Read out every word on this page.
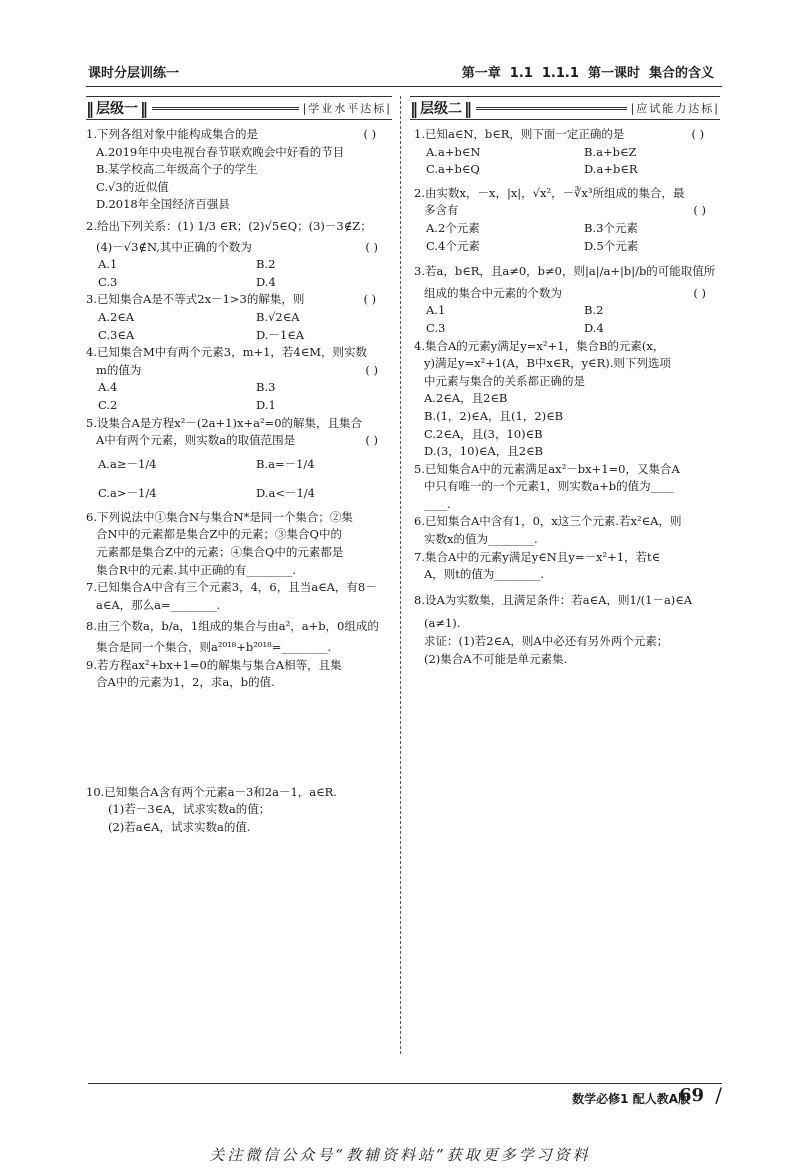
课时分层训练一	第一章  1.1  1.1.1  第一课时  集合的含义
‖ 层级一 ‖	|学业水平达标| ‖ 层级二 ‖	|应试能力达标|

1.下列各组对象中能构成集合的是	( )

A.2019年中央电视台春节联欢晚会中好看的节目

B.某学校高二年级高个子的学生

C.√3的近似值

D.2018年全国经济百强县

2.给出下列关系：(1) 1/3 ∈R；(2)√5∈Q；(3)－3∉Z；

(4)－√3∉N,其中正确的个数为	( )

A.1	B.2
C.3	D.4

3.已知集合A是不等式2x－1>3的解集，则	( )

A.2∈A	B.√2∈A
C.3∈A	D.－1∈A

4.已知集合M中有两个元素3，m+1，若4∈M，则实数

m的值为	( )

A.4	B.3
C.2	D.1

5.设集合A是方程x²－(2a+1)x+a²=0的解集，且集合

A中有两个元素，则实数a的取值范围是	( )

A.a≥－1/4	B.a=－1/4
C.a>－1/4	D.a<－1/4

6.下列说法中①集合N与集合N*是同一个集合；②集

合N中的元素都是集合Z中的元素；③集合Q中的

元素都是集合Z中的元素；④集合Q中的元素都是

集合R中的元素.其中正确的有________.

7.已知集合A中含有三个元素3，4，6，且当a∈A，有8－

a∈A，那么a=________.

8.由三个数a，b/a，1组成的集合与由a²，a+b，0组成的

集合是同一个集合，则a²⁰¹⁸+b²⁰¹⁸=________.

9.若方程ax²+bx+1=0的解集与集合A相等，且集

合A中的元素为1，2，求a，b的值.

10.已知集合A含有两个元素a－3和2a－1，a∈R.

(1)若－3∈A，试求实数a的值；

(2)若a∈A，试求实数a的值.

1.已知a∈N，b∈R，则下面一定正确的是	( )

A.a+b∈N	B.a+b∈Z
C.a+b∈Q	D.a+b∈R

2.由实数x，－x，|x|，√x²，－∛x³所组成的集合，最

多含有	( )

A.2个元素	B.3个元素
C.4个元素	D.5个元素

3.若a，b∈R，且a≠0，b≠0，则|a|/a+|b|/b的可能取值所

组成的集合中元素的个数为	( )

A.1	B.2
C.3	D.4

4.集合A的元素y满足y=x²+1，集合B的元素(x，

y)满足y=x²+1(A，B中x∈R，y∈R).则下列选项

中元素与集合的关系都正确的是

A.2∈A，且2∈B

B.(1，2)∈A，且(1，2)∈B

C.2∈A，且(3，10)∈B

D.(3，10)∈A，且2∈B

5.已知集合A中的元素满足ax²－bx+1=0，又集合A

中只有唯一的一个元素1，则实数a+b的值为____

____.

6.已知集合A中含有1，0，x这三个元素.若x²∈A，则

实数x的值为________.

7.集合A中的元素y满足y∈N且y=－x²+1，若t∈

A，则t的值为________.

8.设A为实数集，且满足条件：若a∈A，则1/(1－a)∈A

(a≠1).

求证：(1)若2∈A，则A中必还有另外两个元素；

(2)集合A不可能是单元素集.

数学必修1 配人教A版
69 /
关注微信公众号“教辅资料站”获取更多学习资料
